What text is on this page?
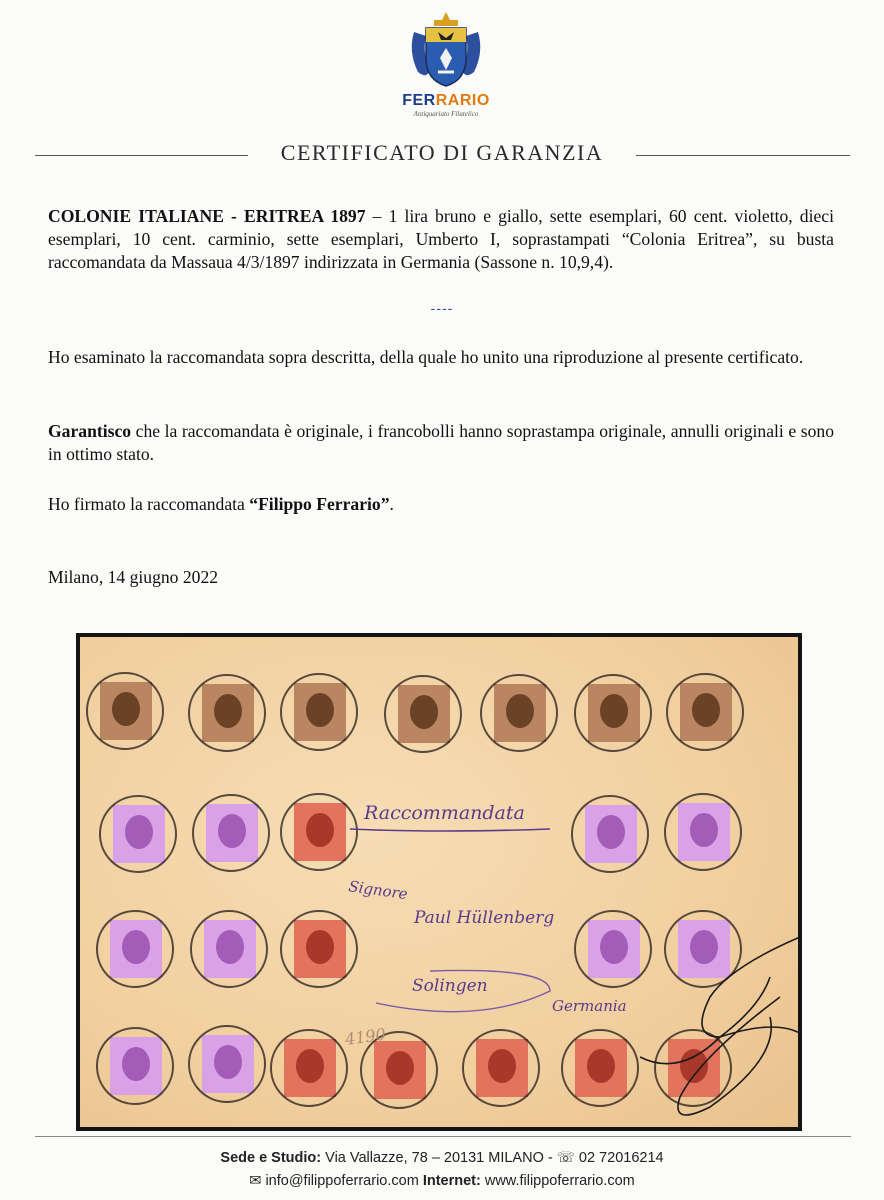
FERRARIO
Antiquariato Filatelico
CERTIFICATO DI GARANZIA
COLONIE ITALIANE - ERITREA 1897 – 1 lira bruno e giallo, sette esemplari, 60 cent. violetto, dieci esemplari, 10 cent. carminio, sette esemplari, Umberto I, soprastampati “Colonia Eritrea”, su busta raccomandata da Massaua 4/3/1897 indirizzata in Germania (Sassone n. 10,9,4).
----
Ho esaminato la raccomandata sopra descritta, della quale ho unito una riproduzione al presente certificato.
Garantisco che la raccomandata è originale, i francobolli hanno soprastampa originale, annulli originali e sono in ottimo stato.
Ho firmato la raccomandata “Filippo Ferrario”.
Milano, 14 giugno 2022
Raccommandata
Signore
Paul Hüllenberg
Solingen
Germania
4190
Sede e Studio: Via Vallazze, 78 – 20131 MILANO - ☏ 02 72016214
✉ info@filippoferrario.com Internet: www.filippoferrario.com
